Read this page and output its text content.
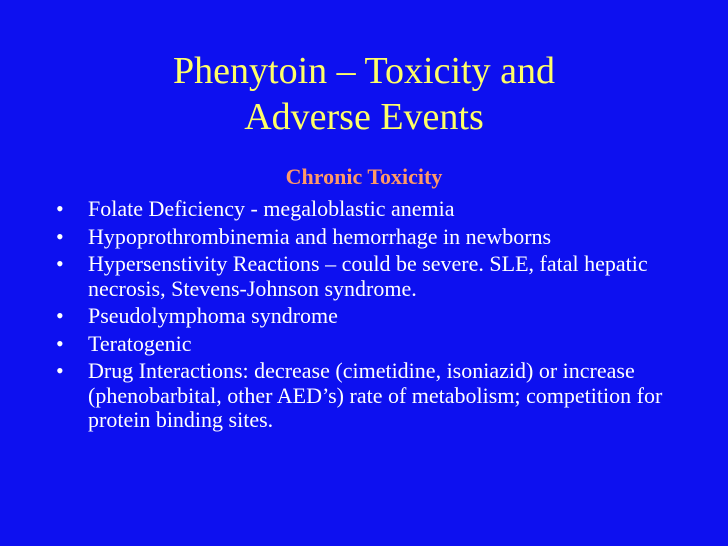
Phenytoin – Toxicity and
Adverse Events
Chronic Toxicity
•	Folate Deficiency - megaloblastic anemia
•	Hypoprothrombinemia and hemorrhage in newborns
•	Hypersenstivity Reactions – could be severe. SLE, fatal hepatic necrosis, Stevens-Johnson syndrome.
•	Pseudolymphoma syndrome
•	Teratogenic
•	Drug Interactions: decrease (cimetidine, isoniazid) or increase (phenobarbital, other AED’s) rate of metabolism; competition for protein binding sites.
